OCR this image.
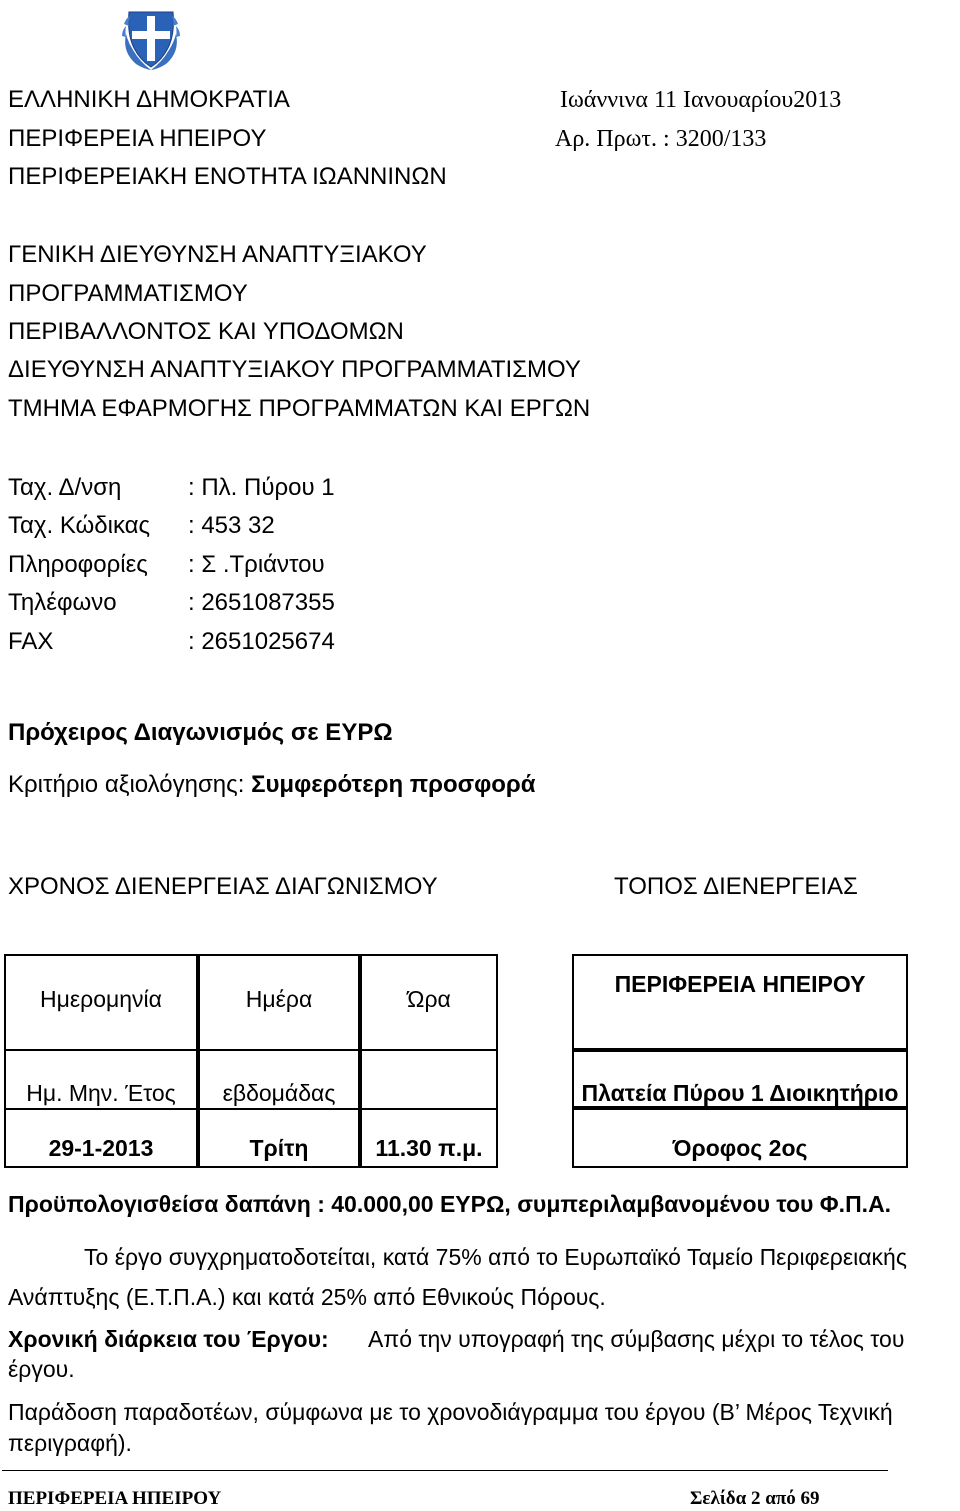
ΕΛΛΗΝΙΚΗ ΔΗΜΟΚΡΑΤΙΑ
ΠΕΡΙΦΕΡΕΙΑ ΗΠΕΙΡΟΥ
ΠΕΡΙΦΕΡΕΙΑΚΗ ΕΝΟΤΗΤΑ ΙΩΑΝΝΙΝΩΝ
Ιωάννινα 11 Ιανουαρίου2013
Αρ. Πρωτ. : 3200/133
ΓΕΝΙΚΗ ΔΙΕΥΘΥΝΣΗ ΑΝΑΠΤΥΞΙΑΚΟΥ
ΠΡΟΓΡΑΜΜΑΤΙΣΜΟΥ
ΠΕΡΙΒΑΛΛΟΝΤΟΣ ΚΑΙ ΥΠΟΔΟΜΩΝ
ΔΙΕΥΘΥΝΣΗ ΑΝΑΠΤΥΞΙΑΚΟΥ ΠΡΟΓΡΑΜΜΑΤΙΣΜΟΥ
ΤΜΗΜΑ ΕΦΑΡΜΟΓΗΣ ΠΡΟΓΡΑΜΜΑΤΩΝ ΚΑΙ ΕΡΓΩΝ
Ταχ. Δ/νση	: Πλ. Πύρου 1
Ταχ. Κώδικας : 453 32
Πληροφορίες : Σ .Τριάντου
Τηλέφωνο	: 2651087355
FAX	: 2651025674
Πρόχειρος Διαγωνισμός σε ΕΥΡΩ
Κριτήριο αξιολόγησης: Συμφερότερη προσφορά
ΧΡΟΝΟΣ ΔΙΕΝΕΡΓΕΙΑΣ ΔΙΑΓΩΝΙΣΜΟΥ	ΤΟΠΟΣ ΔΙΕΝΕΡΓΕΙΑΣ
Ημερομηνία	Ημέρα	Ώρα
Ημ. Μην. Έτος	εβδομάδας
29-1-2013	Τρίτη	11.30 π.μ.
ΠΕΡΙΦΕΡΕΙΑ ΗΠΕΙΡΟΥ
Πλατεία Πύρου 1 Διοικητήριο
Όροφος 2ος
Προϋπολογισθείσα δαπάνη : 40.000,00 ΕΥΡΩ, συμπεριλαμβανομένου του Φ.Π.Α.
Το έργο συγχρηματοδοτείται, κατά 75% από το Ευρωπαϊκό Ταμείο Περιφερειακής
Ανάπτυξης (Ε.Τ.Π.Α.) και κατά 25% από Εθνικούς Πόρους.
Χρονική διάρκεια του Έργου: Από την υπογραφή της σύμβασης μέχρι το τέλος του
έργου.
Παράδοση παραδοτέων, σύμφωνα με το χρονοδιάγραμμα του έργου (Β’ Μέρος Τεχνική
περιγραφή).
ΠΕΡΙΦΕΡΕΙΑ ΗΠΕΙΡΟΥ	Σελίδα 2 από 69
